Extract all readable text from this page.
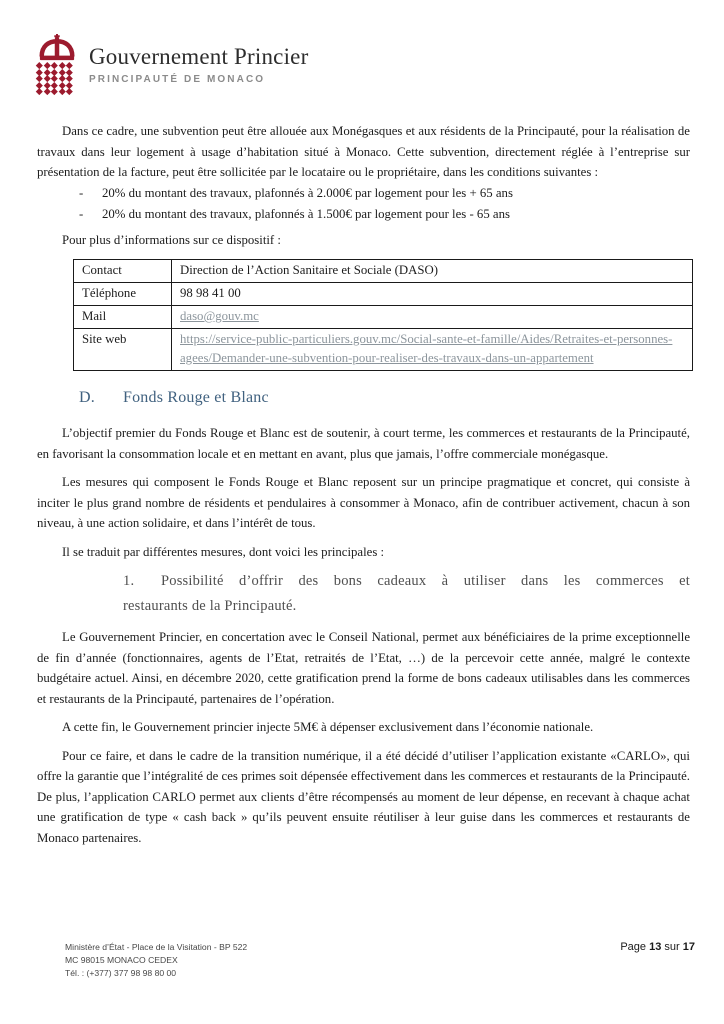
Gouvernement Princier
PRINCIPAUTÉ DE MONACO

Dans ce cadre, une subvention peut être allouée aux Monégasques et aux résidents de la Principauté, pour la réalisation de travaux dans leur logement à usage d’habitation situé à Monaco. Cette subvention, directement réglée à l’entreprise sur présentation de la facture, peut être sollicitée par le locataire ou le propriétaire, dans les conditions suivantes :

-	20% du montant des travaux, plafonnés à 2.000€ par logement pour les + 65 ans
-	20% du montant des travaux, plafonnés à 1.500€ par logement pour les - 65 ans

Pour plus d’informations sur ce dispositif :

Contact	Direction de l’Action Sanitaire et Sociale (DASO)
Téléphone	98 98 41 00
Mail	daso@gouv.mc
Site web	https://service-public-particuliers.gouv.mc/Social-sante-et-famille/Aides/Retraites-et-personnes-agees/Demander-une-subvention-pour-realiser-des-travaux-dans-un-appartement
D.	Fonds Rouge et Blanc

L’objectif premier du Fonds Rouge et Blanc est de soutenir, à court terme, les commerces et restaurants de la Principauté, en favorisant la consommation locale et en mettant en avant, plus que jamais, l’offre commerciale monégasque.

Les mesures qui composent le Fonds Rouge et Blanc reposent sur un principe pragmatique et concret, qui consiste à inciter le plus grand nombre de résidents et pendulaires à consommer à Monaco, afin de contribuer activement, chacun à son niveau, à une action solidaire, et dans l’intérêt de tous.

Il se traduit par différentes mesures, dont voici les principales :

1.	Possibilité d’offrir des bons cadeaux à utiliser dans les commerces et
restaurants de la Principauté.

Le Gouvernement Princier, en concertation avec le Conseil National, permet aux bénéficiaires de la prime exceptionnelle de fin d’année (fonctionnaires, agents de l’Etat, retraités de l’Etat, …) de la percevoir cette année, malgré le contexte budgétaire actuel. Ainsi, en décembre 2020, cette gratification prend la forme de bons cadeaux utilisables dans les commerces et restaurants de la Principauté, partenaires de l’opération.

A cette fin, le Gouvernement princier injecte 5M€ à dépenser exclusivement dans l’économie nationale.

Pour ce faire, et dans le cadre de la transition numérique, il a été décidé d’utiliser l’application existante «CARLO», qui offre la garantie que l’intégralité de ces primes soit dépensée effectivement dans les commerces et restaurants de la Principauté. De plus, l’application CARLO permet aux clients d’être récompensés au moment de leur dépense, en recevant à chaque achat une gratification de type « cash back » qu’ils peuvent ensuite réutiliser à leur guise dans les commerces et restaurants de Monaco partenaires.

Ministère d’État - Place de la Visitation - BP 522
MC 98015 MONACO CEDEX
Tél. : (+377) 377 98 98 80 00
Page 13 sur 17
